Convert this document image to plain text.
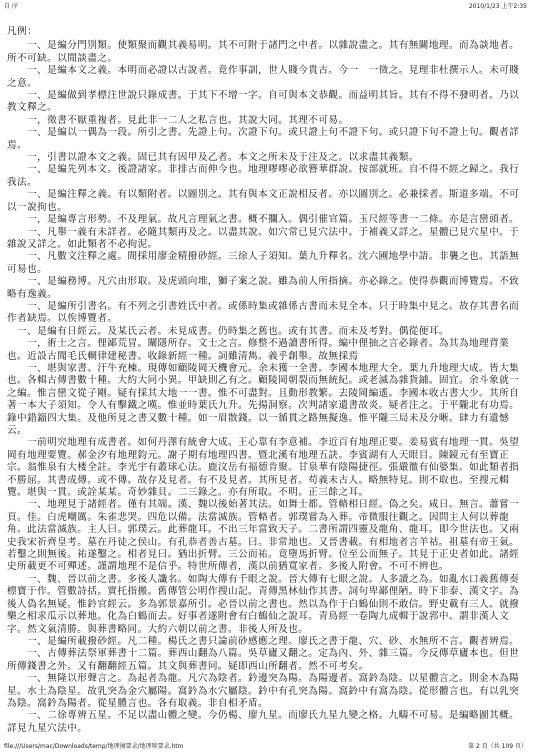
自 序	2010/1/23 上午2:35

凡例：

　　一、是編分門別類。使類聚而觀其義易明。其不可附于諸門之中者。以雜說盡之。其有無關地理。而為談地者。所不可缺。以閒談盡之。

　　一、是編本文之義。本明而必證以古說者。竟作事訓，世人賤今貴古。今一　一徵之。見理非杜撰示人。未可賤之意。

　　一、是編做到孝標注世說只錄成書。于其下不增一字。自可與本文恭觀。而益明其旨。其有不得不發明者。乃以教文釋之。

　　一，徵書不厭重複者。見此非一二人之私言也。其說大同。其理不可易。

　　一、是編以一偶為一段。所引之書。先證上句。次證下句。或只證上句不證下句。或只證下句不證上句。觀者詳焉。

　　一，引書以證本文之義。固已其有因甲及乙者。本文之所未及于注及之。以求盡其義類。

　　一、是編先列本文。後證諸家。非排古而伸今也。地理嘐嘐必欲簪華群說。按部就班。自不得不經之歸之。我行我法。

　　一、是編注釋之義。有以類附者。以圖別之。其有與本文正說相反者。亦以圖別之。必兼採者。斯道多端。不可以一說拘也。

　　一，是編專言形勢。不及理氣。故凡言理氣之書。概不攔入。偶引催官篇。玉尺經等書一二條。亦是言巒頭者。

　　一、凡舉一義有未詳者。必隨其類再及之。以盡其說。如穴常已見穴法中。于補義又詳之。星體已見穴星中。于雜說又詳之。如此類者不必拘泥。

　　一、凡數文注釋之處。間採用廖金精撥砂經。三徐人子須知。葉九升釋名。沈六圃地學中語。非襲之也。其語無可易也。

　　一、是編務博。凡穴由形取。及虎頭向堆，獅子案之說。雖為前人所指摘。亦必錄之。使得恭觀而博覽焉。不致略有逸義。

　　一、是編所引書名。有不列之引書姓氏中者。或係時集或雜係古書而未見全本。只于時集中見之。故存其書名而作者缺焉。以俟博覽者。

　一、是編有日經云。及某氏云者。未見成書。仍時集之舊也。或有其書。而未及考對。偶從便耳。

　　一，術士之言。俚鄙荒冒。闡隱所存。文士之言。修整不過讀書所得。編中俚抽之言必錄者。為其為地理背業也。近設古聞毛氏輞律建秘書。收錄新經一種。詞雖清雋。義乎創舉。故無採焉

　　一、堪與家書。汗牛充棟。現傳如顧陵岡天機會元。余未獲一全書。李國本地理大全。葉九升地理大成。皆大集也。各輯古傳書數十種。大約大同小異。甲缺則乙有之。顧陵岡朝裂而無統紀。或老滅為雜貨鋪。固宜。余斗象就一之編。惟言巒文從子剛。疑有採其大地一一書。惟不可盡對。且動形教繁。去陵岡編遙。李國本收古書大少。其所自著一本大子須知。令人有擊鐵之嘆。惟並時葉氏九升。先揚洞察。次判諸家遺書故炎。疑者注之。于平隴北有功焉。錄中錯錙四大集。及他所見之書又數十種。如一眉散錢。以一循貫之路無擬逸。惟平隴三局未及分晰。肆力有遺憾云。

　　一前明究地理有成書者。如何丹澤有統會大成。王心靠有李意補。李近百有地理正要。姜易賓有地理一貫。吳望岡有地理要覽。郝金汐有地理鈞元。謝子期有地理四書。暨北溪有地理五訣。李賓湖有人天眼目。陳鏡元有至寶正宗。翁惟泉有大楼全註。李光宇有叢球心法。鹿汶岳有福德肯聚。甘泉華有陰陽捷徑。張嚴徹有仙婆集。如此類者指不勝屈。其書成傳。或不傳。故存及見者。有不及見者。其所見者。苟義未古人。略無特見。則不取也。至搜元輯覽。堪與一貫。或詮某某。奇妙雜貝。二三錄之。亦有所取。不明。正三餘之耳。

　　一、地理見于諸經者。僅有其端。漢、魏以後始著其法。如舞士都。管輅相日經。偽之矣。咸日。無言。蕭嘗一頁。佳。白虎嘲厲。朱雀悲哭。四危以備。法當滅族。管輅者。郭璞嘗為入葬。帝微服往觀之。因問主人何以葬龍角。此法當滅族。主人曰。郭璞云。此葬龍耳。不出三年當致天子。二書所謂四靈及龍角、龍耳。即今世法也。又兩史我宋祈齊皇考。墓在丹徒之侯山。有孔恭者善古墓。曰。非常地也。又晉書載。有相地者言羊祜。祖墓有帝王氣。若鑿之則無後。祐遂鑿之。相者見曰。猶出折臂。三公而祐。竟墮馬折臂。位至公而無子。其見于正史者如此。諸經史所載更不可殫述。謹謂地理不是信乎。特世所傳者，漢以前猶寬家者。多後人附會。不可不辨也。

　　一、魏、晉以前之書。多後人讖名。如陶大傳有千眼之說。晉大傳有七眼之說。人多讀之為。如亂水口義舊傳奏標寶于作。管數詩括。實托指搬。舊傳管公明作搜山記。青傳黑林仙作其書。詞句卑鄙俚陋。時下非泰、漢文字。為後人偽名無疑。惟鈐官經云。多為郭景嘉所引。必晉以前之書也。然以為作于白鶴仙則不敢信。野史載有三人。就撥樂之相求瓜示以葬地。化為白鶴而去。好事者遂附會有白鶴仙之說耳。青鳥經一卷陶九成輯于說郛中。謂非漢人文字。然文氣清勝。與葬書略同。大約六朝以前之書。非後人所及也。

　　一、是編所載撥砂經。凡二種。楊氏之書只論前砂感應之理。廖氏之書于龍、穴、砂、水無所不言。觀者辨焉。

　　一、古傳葬法祭軍葬書十二篇。葬西山翻為八篇。吳草廬又翻之。定為內、外、雜三篇。今反傳草廬本也。但世所傳錢書之外。又有翻翻經五篇。其文與葬書同。疑即西山所翻者。然不可考矣。

　　一、無隆以形聲言之。為起者為龍。凡穴為陰者。鈐邊突為陽。為陽邊者。窩鈐為陰。以星體言之。則金木為陽星。水土為陰星。故乳突為金穴屬陽。窩鈐為水穴屬陰。鈐中有孔突為陽。窩鈐中有窩為陰。從形體言也。有以乳突為陰。窩鈐為陽者。從星體言也。各有取義。非自相矛盾。

　　一、二徐專辨五星。不足以盡山體之變。今仍楊、廖九星。而廖氏九星九變之格。九疇不可易。是編略圖其概。詳見九星穴法中。

file:///Users/mac/Downloads/temp/地理摘要录/地理啖要录.htm	第 2 頁（共 109 頁）
